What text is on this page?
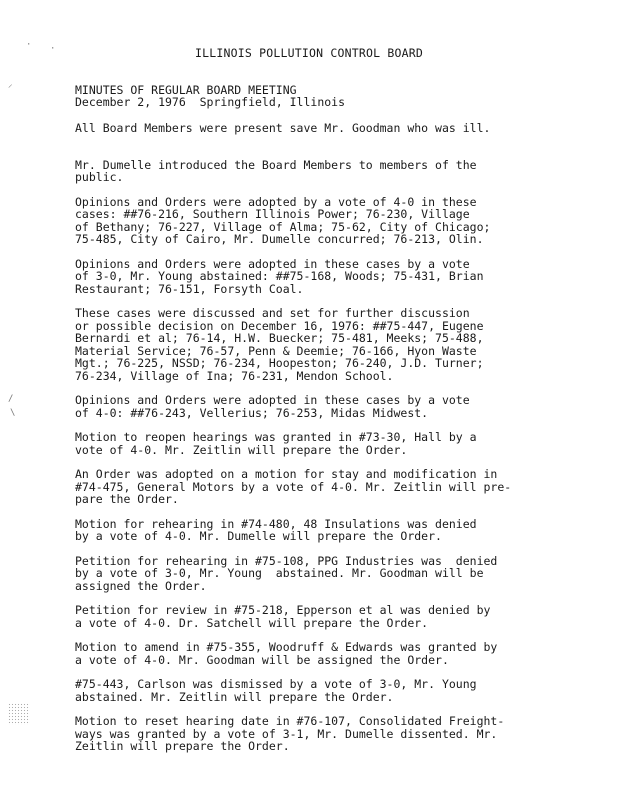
· ·
⸝
/
\
ILLINOIS POLLUTION CONTROL BOARD
MINUTES OF REGULAR BOARD MEETING
December 2, 1976  Springfield, Illinois
All Board Members were present save Mr. Goodman who was ill.
Mr. Dumelle introduced the Board Members to members of the
public.
Opinions and Orders were adopted by a vote of 4-0 in these
cases: ##76-216, Southern Illinois Power; 76-230, Village
of Bethany; 76-227, Village of Alma; 75-62, City of Chicago;
75-485, City of Cairo, Mr. Dumelle concurred; 76-213, Olin.
Opinions and Orders were adopted in these cases by a vote
of 3-0, Mr. Young abstained: ##75-168, Woods; 75-431, Brian
Restaurant; 76-151, Forsyth Coal.
These cases were discussed and set for further discussion
or possible decision on December 16, 1976: ##75-447, Eugene
Bernardi et al; 76-14, H.W. Buecker; 75-481, Meeks; 75-488,
Material Service; 76-57, Penn & Deemie; 76-166, Hyon Waste
Mgt.; 76-225, NSSD; 76-234, Hoopeston; 76-240, J.D. Turner;
76-234, Village of Ina; 76-231, Mendon School.
Opinions and Orders were adopted in these cases by a vote
of 4-0: ##76-243, Vellerius; 76-253, Midas Midwest.
Motion to reopen hearings was granted in #73-30, Hall by a
vote of 4-0. Mr. Zeitlin will prepare the Order.
An Order was adopted on a motion for stay and modification in
#74-475, General Motors by a vote of 4-0. Mr. Zeitlin will pre-
pare the Order.
Motion for rehearing in #74-480, 48 Insulations was denied
by a vote of 4-0. Mr. Dumelle will prepare the Order.
Petition for rehearing in #75-108, PPG Industries was  denied
by a vote of 3-0, Mr. Young  abstained. Mr. Goodman will be
assigned the Order.
Petition for review in #75-218, Epperson et al was denied by
a vote of 4-0. Dr. Satchell will prepare the Order.
Motion to amend in #75-355, Woodruff & Edwards was granted by
a vote of 4-0. Mr. Goodman will be assigned the Order.
#75-443, Carlson was dismissed by a vote of 3-0, Mr. Young
abstained. Mr. Zeitlin will prepare the Order.
Motion to reset hearing date in #76-107, Consolidated Freight-
ways was granted by a vote of 3-1, Mr. Dumelle dissented. Mr.
Zeitlin will prepare the Order.
